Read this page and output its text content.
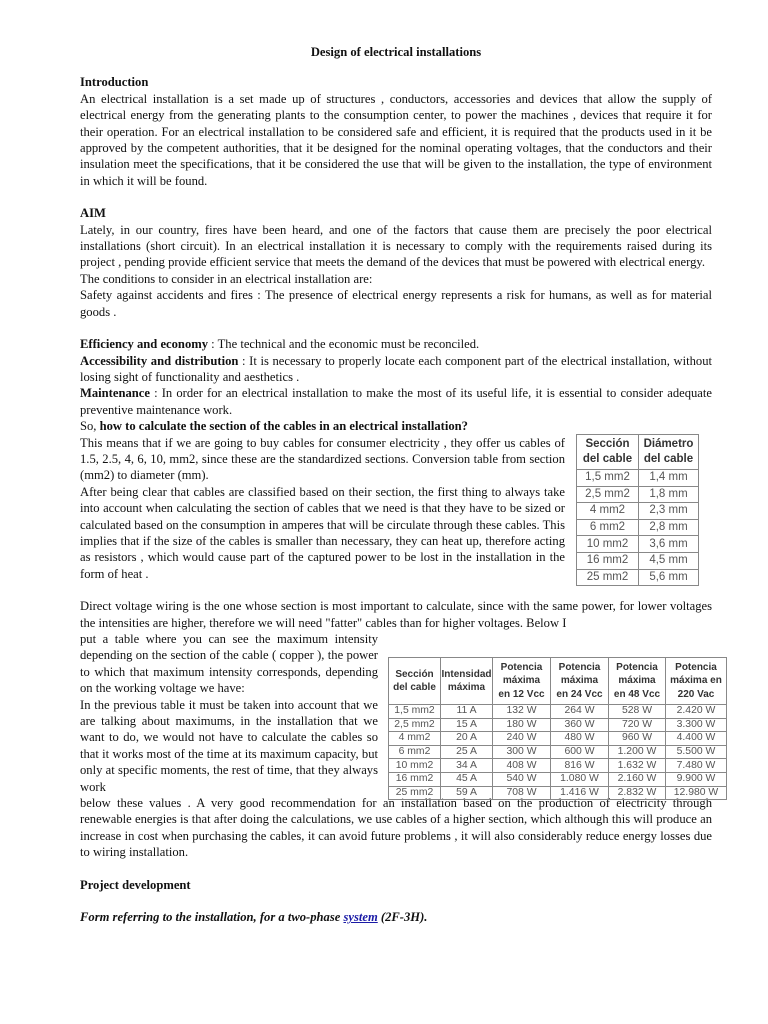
Design of electrical installations
Introduction

An electrical installation is a set made up of structures , conductors, accessories and devices that allow the supply of electrical energy from the generating plants to the consumption center, to power the machines , devices that require it for their operation. For an electrical installation to be considered safe and efficient, it is required that the products used in it be approved by the competent authorities, that it be designed for the nominal operating voltages, that the conductors and their insulation meet the specifications, that it be considered the use that will be given to the installation, the type of environment in which it will be found.

AIM

Lately, in our country, fires have been heard, and one of the factors that cause them are precisely the poor electrical installations (short circuit). In an electrical installation it is necessary to comply with the requirements raised during its project , pending provide efficient service that meets the demand of the devices that must be powered with electrical energy.

The conditions to consider in an electrical installation are:

Safety against accidents and fires : The presence of electrical energy represents a risk for humans, as well as for material goods .

Efficiency and economy : The technical and the economic must be reconciled.

Accessibility and distribution : It is necessary to properly locate each component part of the electrical installation, without losing sight of functionality and aesthetics .

Maintenance : In order for an electrical installation to make the most of its useful life, it is essential to consider adequate preventive maintenance work.

So, how to calculate the section of the cables in an electrical installation?

This means that if we are going to buy cables for consumer electricity , they offer us cables of 1.5, 2.5, 4, 6, 10, mm2, since these are the standardized sections. Conversion table from section (mm2) to diameter (mm).

After being clear that cables are classified based on their section, the first thing to always take into account when calculating the section of cables that we need is that they have to be sized or calculated based on the consumption in amperes that will be circulate through these cables. This implies that if the size of the cables is smaller than necessary, they can heat up, therefore acting as resistors , which would cause part of the captured power to be lost in the installation in the form of heat .

Direct voltage wiring is the one whose section is most important to calculate, since with the same power, for lower voltages the intensities are higher, therefore we will need "fatter" cables than for higher voltages. Below I

put a table where you can see the maximum intensity depending on the section of the cable ( copper ), the power to which that maximum intensity corresponds, depending on the working voltage we have:

In the previous table it must be taken into account that we are talking about maximums, in the installation that we want to do, we would not have to calculate the cables so that it works most of the time at its maximum capacity, but only at specific moments, the rest of time, that they always work

below these values . A very good recommendation for an installation based on the production of electricity through renewable energies is that after doing the calculations, we use cables of a higher section, which although this will produce an increase in cost when purchasing the cables, it can avoid future problems , it will also considerably reduce energy losses due to wiring installation.

Project development

Form referring to the installation, for a two-phase system (2F-3H).

Sección
del cable	Diámetro
del cable
1,5 mm2	1,4 mm
2,5 mm2	1,8 mm
4 mm2	2,3 mm
6 mm2	2,8 mm
10 mm2	3,6 mm
16 mm2	4,5 mm
25 mm2	5,6 mm
Sección
del cable	Intensidad
máxima	Potencia
máxima
en 12 Vcc	Potencia
máxima
en 24 Vcc	Potencia
máxima
en 48 Vcc	Potencia
máxima en
220 Vac
1,5 mm2	11 A	132 W	264 W	528 W	2.420 W
2,5 mm2	15 A	180 W	360 W	720 W	3.300 W
4 mm2	20 A	240 W	480 W	960 W	4.400 W
6 mm2	25 A	300 W	600 W	1.200 W	5.500 W
10 mm2	34 A	408 W	816 W	1.632 W	7.480 W
16 mm2	45 A	540 W	1.080 W	2.160 W	9.900 W
25 mm2	59 A	708 W	1.416 W	2.832 W	12.980 W
